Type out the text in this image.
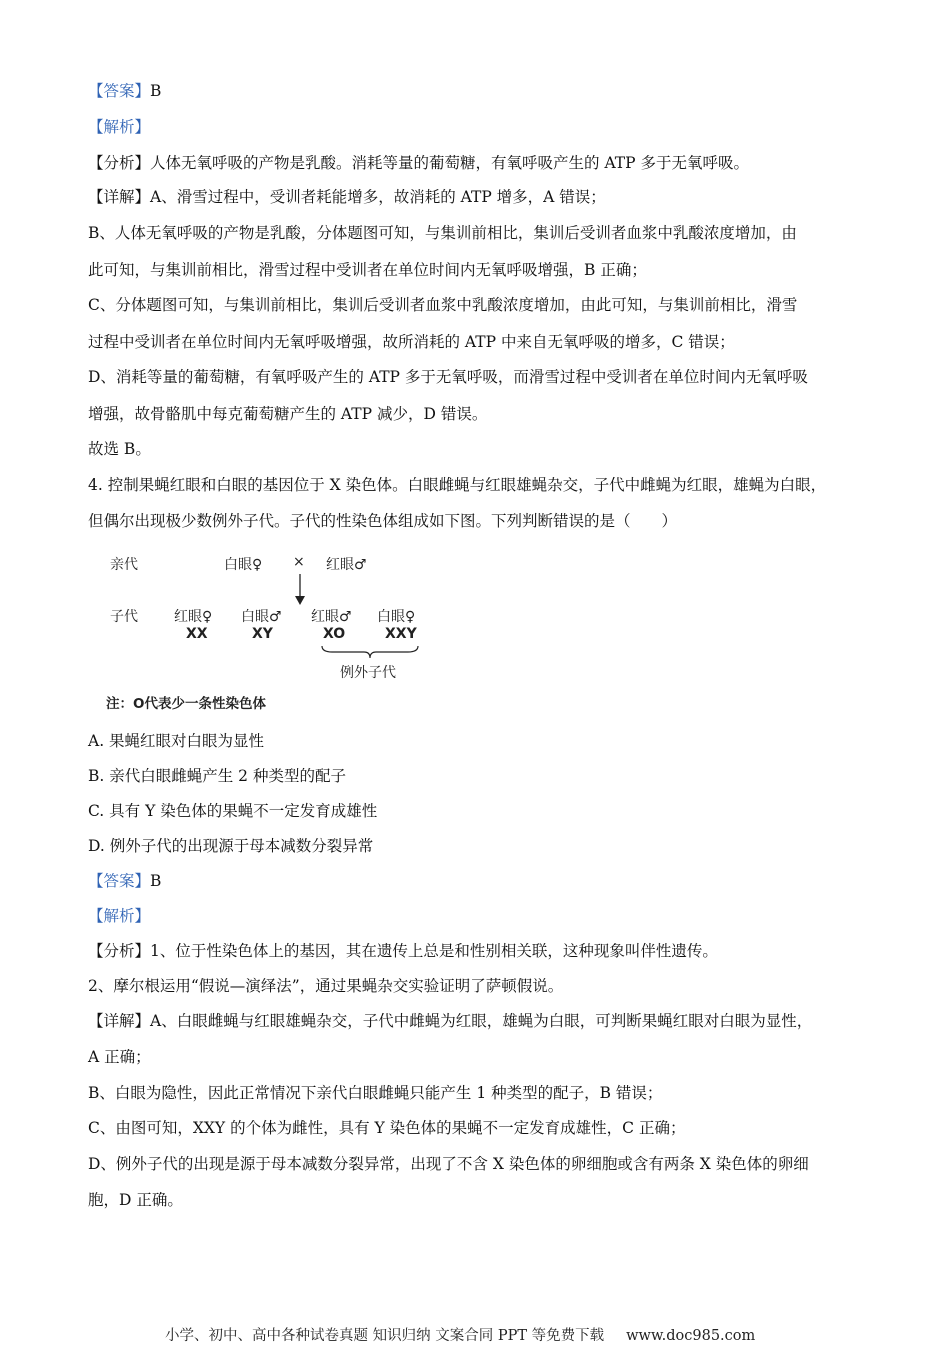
【答案】B
【解析】
【分析】人体无氧呼吸的产物是乳酸。消耗等量的葡萄糖，有氧呼吸产生的 ATP 多于无氧呼吸。
【详解】A、滑雪过程中，受训者耗能增多，故消耗的 ATP 增多，A 错误；
B、人体无氧呼吸的产物是乳酸，分体题图可知，与集训前相比，集训后受训者血浆中乳酸浓度增加，由
此可知，与集训前相比，滑雪过程中受训者在单位时间内无氧呼吸增强，B 正确；
C、分体题图可知，与集训前相比，集训后受训者血浆中乳酸浓度增加，由此可知，与集训前相比，滑雪
过程中受训者在单位时间内无氧呼吸增强，故所消耗的 ATP 中来自无氧呼吸的增多，C 错误；
D、消耗等量的葡萄糖，有氧呼吸产生的 ATP 多于无氧呼吸，而滑雪过程中受训者在单位时间内无氧呼吸
增强，故骨骼肌中每克葡萄糖产生的 ATP 减少，D 错误。
故选 B。
4. 控制果蝇红眼和白眼的基因位于 X 染色体。白眼雌蝇与红眼雄蝇杂交，子代中雌蝇为红眼，雄蝇为白眼，
但偶尔出现极少数例外子代。子代的性染色体组成如下图。下列判断错误的是（　　）
亲代	白眼♀ × 红眼♂
子代	红眼♀
XX
白眼♂
XY
红眼♂
XO
白眼♀
XXY
例外子代
注：O代表少一条性染色体
A. 果蝇红眼对白眼为显性
B. 亲代白眼雌蝇产生 2 种类型的配子
C. 具有 Y 染色体的果蝇不一定发育成雄性
D. 例外子代的出现源于母本减数分裂异常
【答案】B
【解析】
【分析】1、位于性染色体上的基因，其在遗传上总是和性别相关联，这种现象叫伴性遗传。
2、摩尔根运用“假说—演绎法”，通过果蝇杂交实验证明了萨顿假说。
【详解】A、白眼雌蝇与红眼雄蝇杂交，子代中雌蝇为红眼，雄蝇为白眼，可判断果蝇红眼对白眼为显性，
A 正确；
B、白眼为隐性，因此正常情况下亲代白眼雌蝇只能产生 1 种类型的配子，B 错误；
C、由图可知，XXY 的个体为雌性，具有 Y 染色体的果蝇不一定发育成雄性，C 正确；
D、例外子代的出现是源于母本减数分裂异常，出现了不含 X 染色体的卵细胞或含有两条 X 染色体的卵细
胞，D 正确。
小学、初中、高中各种试卷真题 知识归纳 文案合同 PPT 等免费下载 www.doc985.com
